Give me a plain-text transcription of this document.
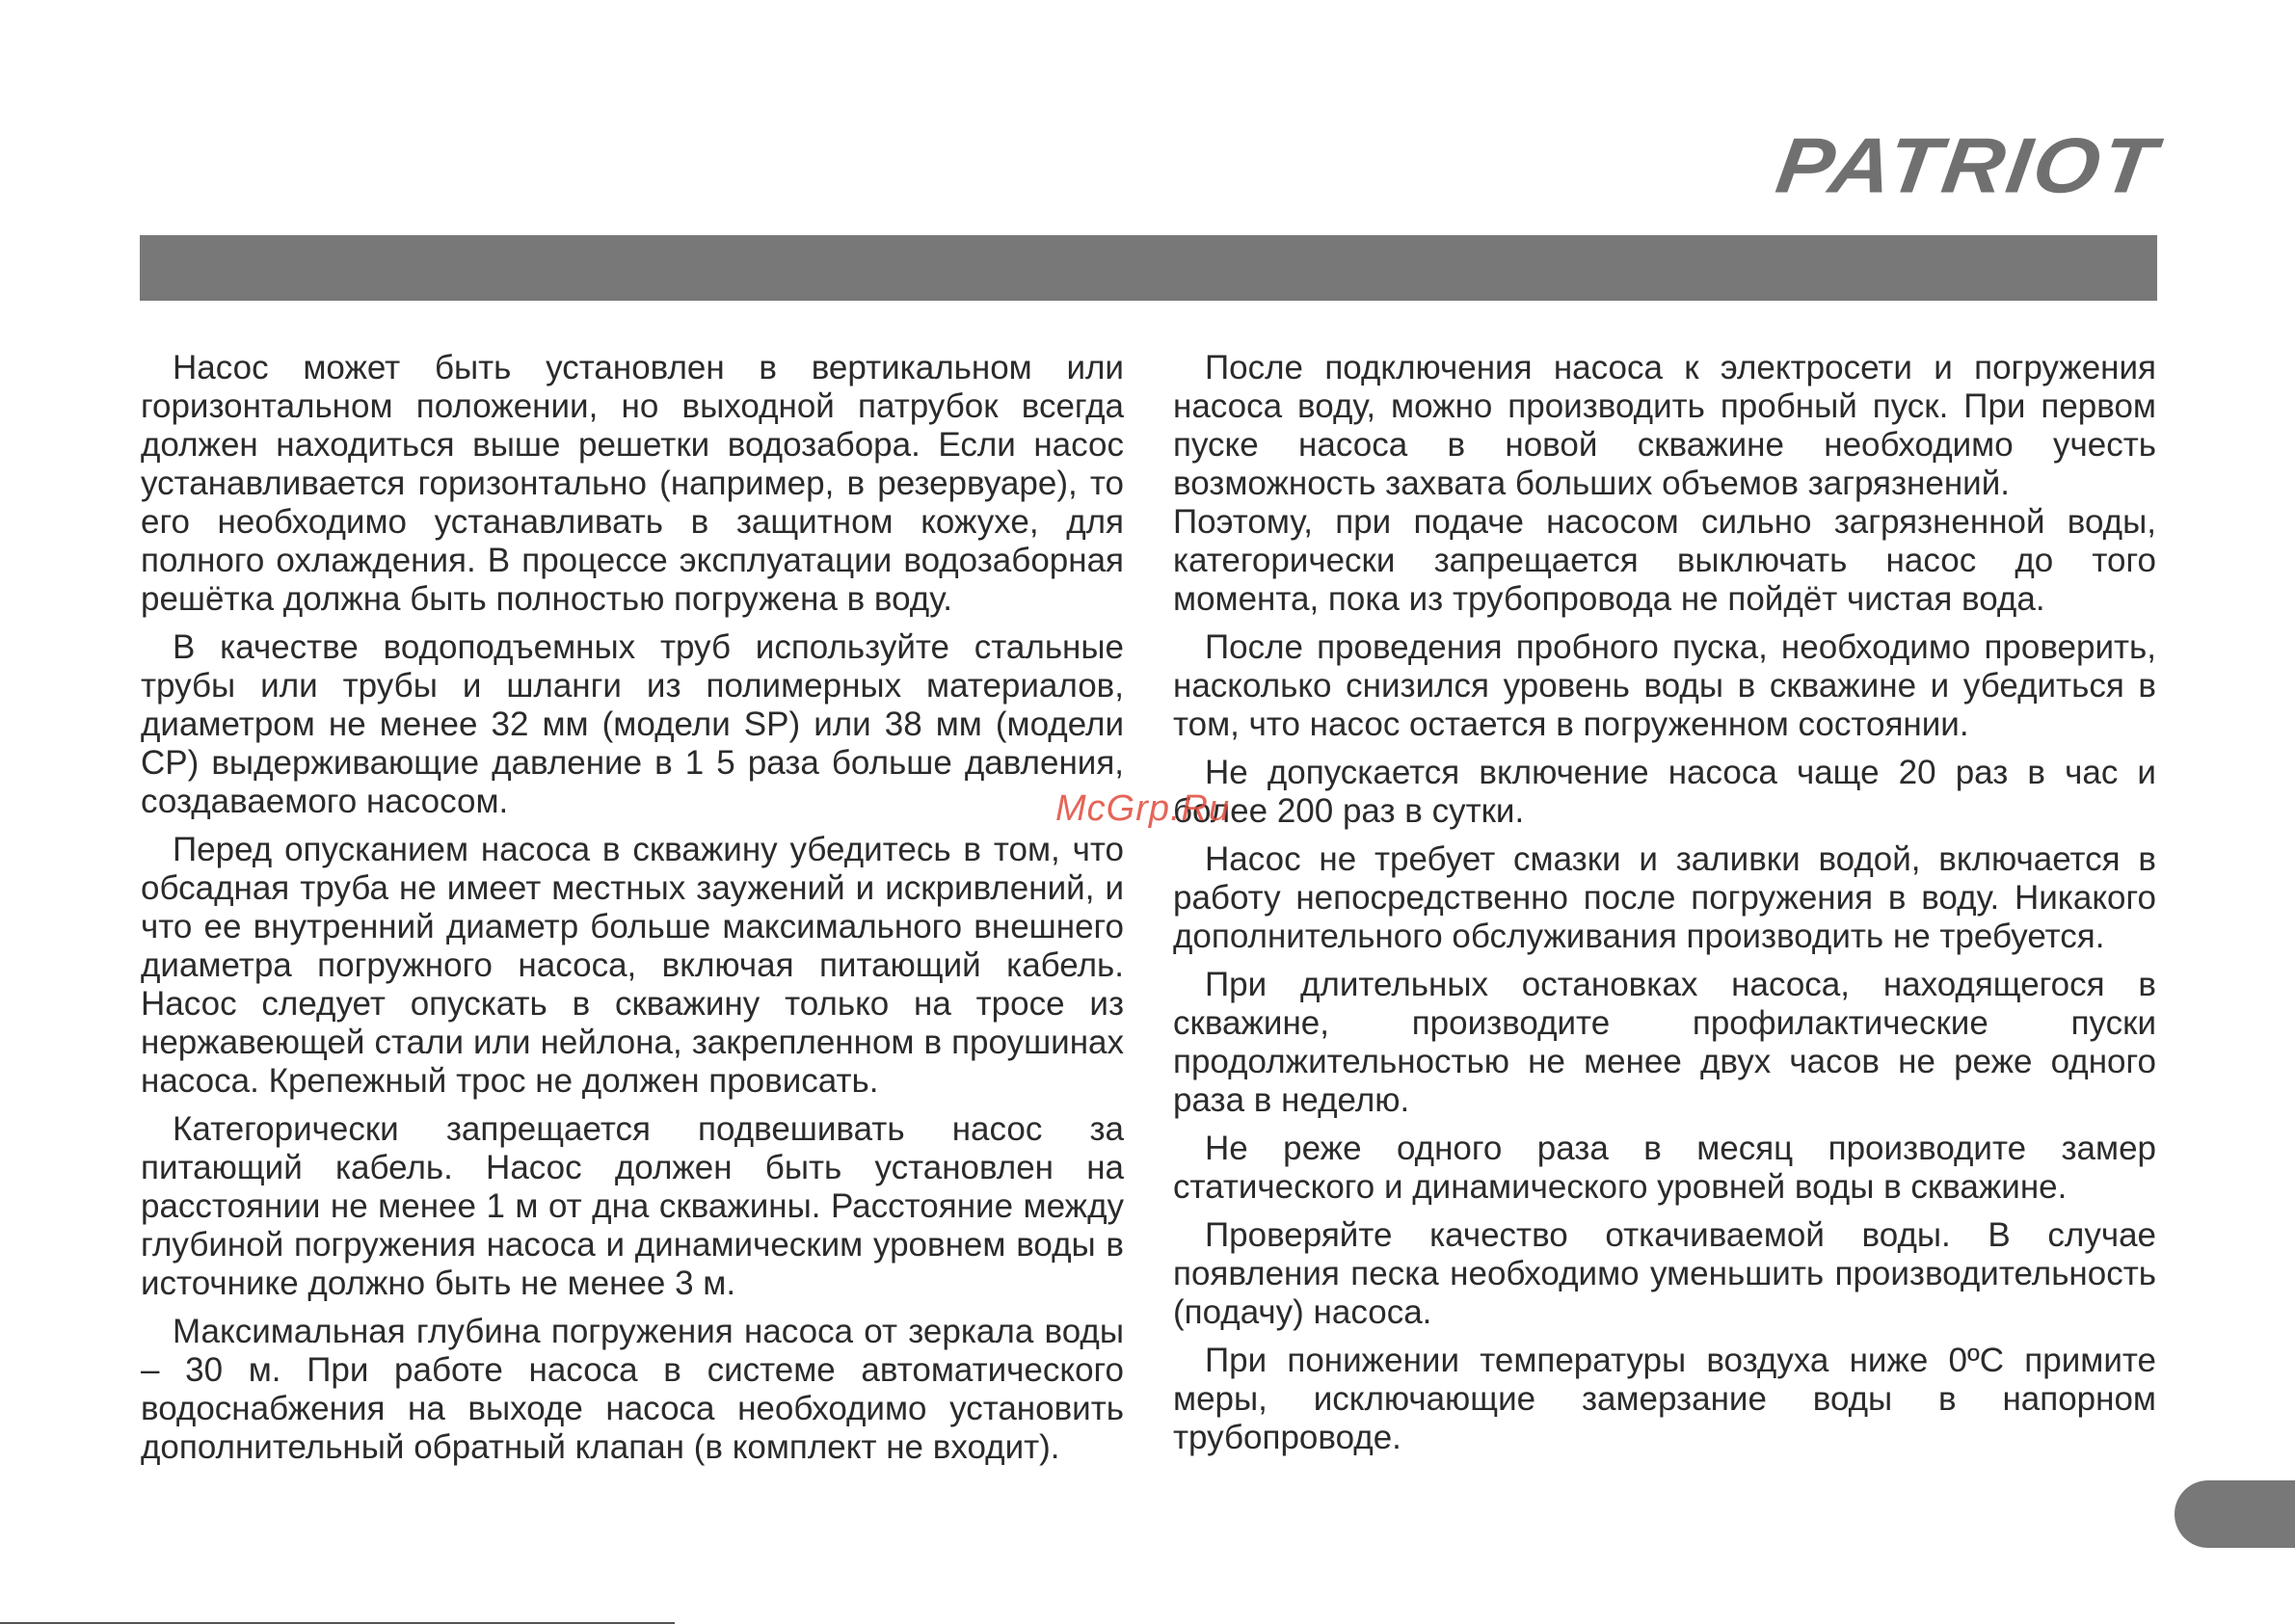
PATRIOT

Насос может быть установлен в вертикальном или горизонтальном положении, но выходной патрубок всегда должен находиться выше решетки водозабора. Если насос устанавливается горизонтально (например, в резервуаре), то его необходимо устанавливать в защитном кожухе, для полного охлаждения. В процессе эксплуатации водозаборная решётка должна быть полностью погружена в воду.

В качестве водоподъемных труб используйте стальные трубы или трубы и шланги из полимерных материалов, диаметром не менее 32 мм (модели SP) или 38 мм (модели CP) выдерживающие давление в 1 5 раза больше давления, создаваемого насосом.

Перед опусканием насоса в скважину убедитесь в том, что обсадная труба не имеет местных заужений и искривлений, и что ее внутренний диаметр больше максимального внешнего диаметра погружного насоса, включая питающий кабель. Насос следует опускать в скважину только на тросе из нержавеющей стали или нейлона, закрепленном в проушинах насоса. Крепежный трос не должен провисать.

Категорически запрещается подвешивать насос за питающий кабель. Насос должен быть установлен на расстоянии не менее 1 м от дна скважины. Расстояние между глубиной погружения насоса и динамическим уровнем воды в источнике должно быть не менее 3 м.

Максимальная глубина погружения насоса от зеркала воды – 30 м. При работе насоса в системе автоматического водоснабжения на выходе насоса необходимо установить дополнительный обратный клапан (в комплект не входит).

После подключения насоса к электросети и погружения насоса воду, можно производить пробный пуск. При первом пуске насоса в новой скважине необходимо учесть возможность захвата больших объемов загрязнений.

Поэтому, при подаче насосом сильно загрязненной воды, категорически запрещается выключать насос до того момента, пока из трубопровода не пойдёт чистая вода.

После проведения пробного пуска, необходимо проверить, насколько снизился уровень воды в скважине и убедиться в том, что насос остается в погруженном состоянии.

Не допускается включение насоса чаще 20 раз в час и более 200 раз в сутки.

Насос не требует смазки и заливки водой, включается в работу непосредственно после погружения в воду. Никакого дополнительного обслуживания производить не требуется.

При длительных остановках насоса, находящегося в скважине, производите профилактические пуски продолжительностью не менее двух часов не реже одного раза в неделю.

Не реже одного раза в месяц производите замер статического и динамического уровней воды в скважине.

Проверяйте качество откачиваемой воды. В случае появления песка необходимо уменьшить производительность (подачу) насоса.

При понижении температуры воздуха ниже 0ºС примите меры, исключающие замерзание воды в напорном трубопроводе.

McGrp.Ru
